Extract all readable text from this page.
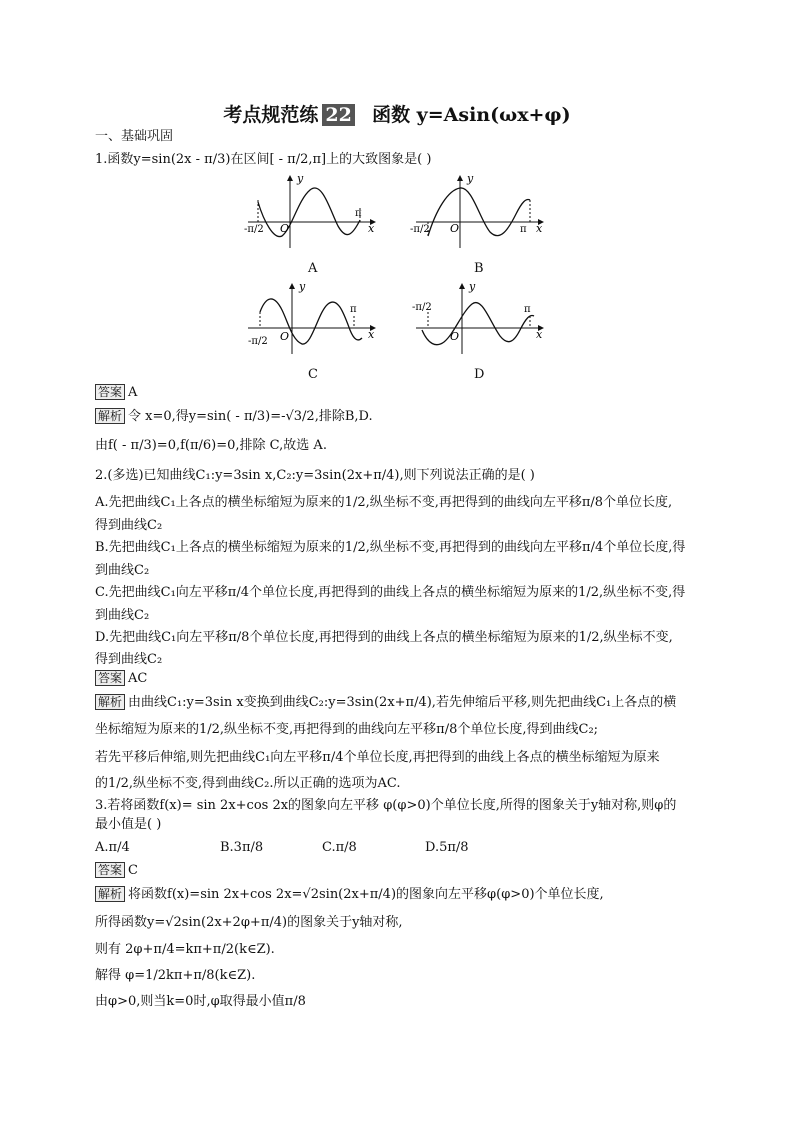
考点规范练 22 函数 y=Asin(ωx+φ)
一、基础巩固
1.函数y=sin(2x - π/3)在区间[ - π/2,π]上的大致图象是( )
y
x
O
-π/2
π
y
x
O
-π/2	π
y
x
O
-π/2
π
y
x
O
-π/2	π
A	B
C	D
答案 A
解析 令 x=0,得y=sin( - π/3)=-√3/2,排除B,D.
由f( - π/3)=0,f(π/6)=0,排除 C,故选 A.
2.(多选)已知曲线C₁:y=3sin x,C₂:y=3sin(2x+π/4),则下列说法正确的是( )
A.先把曲线C₁上各点的横坐标缩短为原来的1/2,纵坐标不变,再把得到的曲线向左平移π/8个单位长度,
得到曲线C₂
B.先把曲线C₁上各点的横坐标缩短为原来的1/2,纵坐标不变,再把得到的曲线向左平移π/4个单位长度,得
到曲线C₂
C.先把曲线C₁向左平移π/4个单位长度,再把得到的曲线上各点的横坐标缩短为原来的1/2,纵坐标不变,得
到曲线C₂
D.先把曲线C₁向左平移π/8个单位长度,再把得到的曲线上各点的横坐标缩短为原来的1/2,纵坐标不变,
得到曲线C₂
答案 AC
解析 由曲线C₁:y=3sin x变换到曲线C₂:y=3sin(2x+π/4),若先伸缩后平移,则先把曲线C₁上各点的横
坐标缩短为原来的1/2,纵坐标不变,再把得到的曲线向左平移π/8个单位长度,得到曲线C₂;
若先平移后伸缩,则先把曲线C₁向左平移π/4个单位长度,再把得到的曲线上各点的横坐标缩短为原来
的1/2,纵坐标不变,得到曲线C₂.所以正确的选项为AC.
3.若将函数f(x)= sin 2x+cos 2x的图象向左平移 φ(φ>0)个单位长度,所得的图象关于y轴对称,则φ的
最小值是( )
A.π/4	B.3π/8	C.π/8	D.5π/8
答案 C
解析 将函数f(x)=sin 2x+cos 2x=√2sin(2x+π/4)的图象向左平移φ(φ>0)个单位长度,
所得函数y=√2sin(2x+2φ+π/4)的图象关于y轴对称,
则有 2φ+π/4=kπ+π/2(k∈Z).
解得 φ=1/2kπ+π/8(k∈Z).
由φ>0,则当k=0时,φ取得最小值π/8
